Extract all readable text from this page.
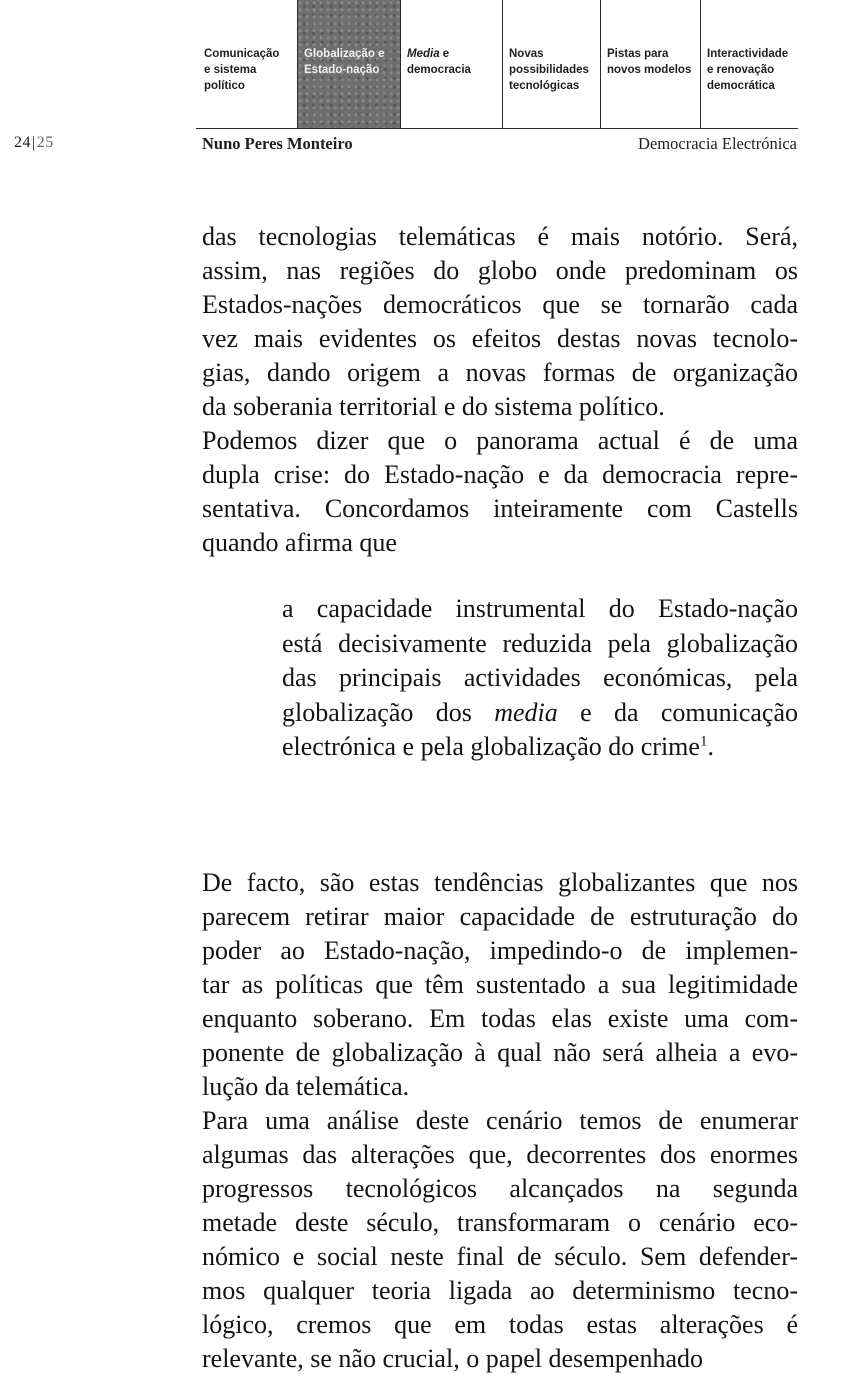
Comunicação
e sistema
político
Globalização e
Estado-nação
Media e
democracia
Novas
possibilidades
tecnológicas
Pistas para
novos modelos
Interactividade
e renovação
democrática
24|25	Nuno Peres Monteiro	Democracia Electrónica
das tecnologias telemáticas é mais notório. Será,
assim, nas regiões do globo onde predominam os
Estados-nações democráticos que se tornarão cada
vez mais evidentes os efeitos destas novas tecnolo-
gias, dando origem a novas formas de organização
da soberania territorial e do sistema político.
Podemos dizer que o panorama actual é de uma
dupla crise: do Estado-nação e da democracia repre-
sentativa. Concordamos inteiramente com Castells
quando afirma que
a capacidade instrumental do Estado-nação
está decisivamente reduzida pela globalização
das principais actividades económicas, pela
globalização dos media e da comunicação
electrónica e pela globalização do crime$^1$.
De facto, são estas tendências globalizantes que nos
parecem retirar maior capacidade de estruturação do
poder ao Estado-nação, impedindo-o de implemen-
tar as políticas que têm sustentado a sua legitimidade
enquanto soberano. Em todas elas existe uma com-
ponente de globalização à qual não será alheia a evo-
lução da telemática.
Para uma análise deste cenário temos de enumerar
algumas das alterações que, decorrentes dos enormes
progressos tecnológicos alcançados na segunda
metade deste século, transformaram o cenário eco-
nómico e social neste final de século. Sem defender-
mos qualquer teoria ligada ao determinismo tecno-
lógico, cremos que em todas estas alterações é
relevante, se não crucial, o papel desempenhado
